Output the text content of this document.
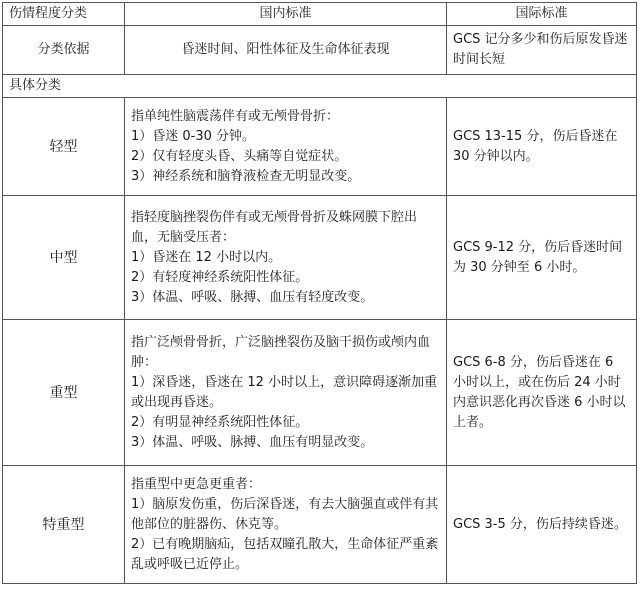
伤情程度分类	国内标准	国际标准
分类依据	昏迷时间、阳性体征及生命体征表现	GCS 记分多少和伤后原发昏迷时间长短
具体分类		
轻型	指单纯性脑震荡伴有或无颅骨骨折：
1）昏迷 0-30 分钟。
2）仅有轻度头昏、头痛等自觉症状。
3）神经系统和脑脊液检查无明显改变。	GCS 13-15 分，伤后昏迷在 30 分钟以内。
中型	指轻度脑挫裂伤伴有或无颅骨骨折及蛛网膜下腔出血，无脑受压者：
1）昏迷在 12 小时以内。
2）有轻度神经系统阳性体征。
3）体温、呼吸、脉搏、血压有轻度改变。	GCS 9-12 分，伤后昏迷时间为 30 分钟至 6 小时。
重型	指广泛颅骨骨折，广泛脑挫裂伤及脑干损伤或颅内血肿：
1）深昏迷，昏迷在 12 小时以上，意识障碍逐渐加重或出现再昏迷。
2）有明显神经系统阳性体征。
3）体温、呼吸、脉搏、血压有明显改变。	GCS 6-8 分，伤后昏迷在 6 小时以上，或在伤后 24 小时内意识恶化再次昏迷 6 小时以上者。
特重型	指重型中更急更重者：
1）脑原发伤重，伤后深昏迷，有去大脑强直或伴有其他部位的脏器伤、休克等。
2）已有晚期脑疝，包括双瞳孔散大，生命体征严重紊乱或呼吸已近停止。	GCS 3-5 分，伤后持续昏迷。
